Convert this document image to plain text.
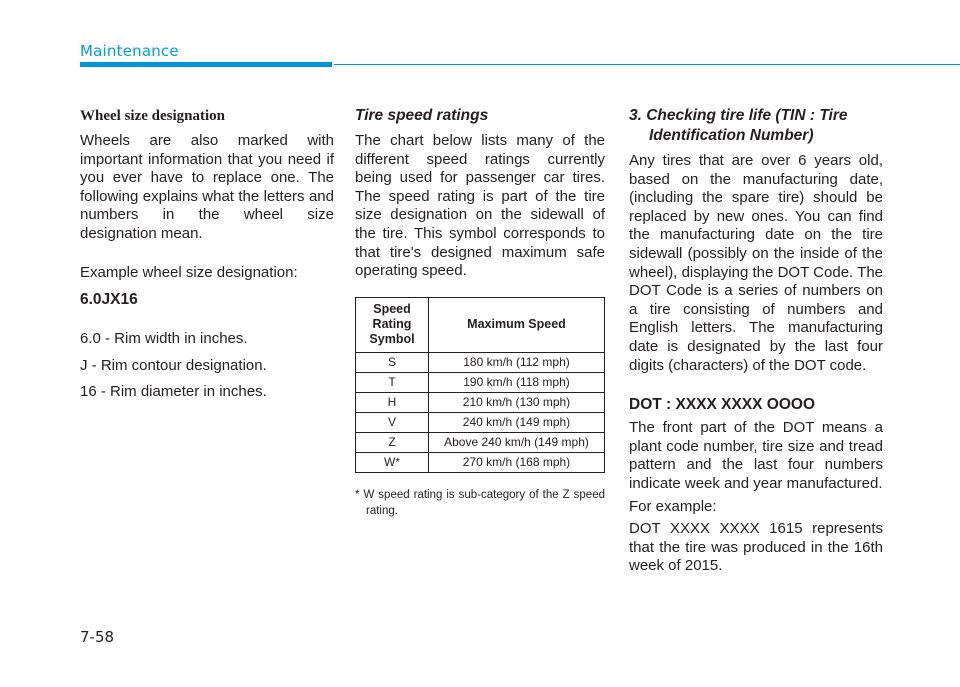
Maintenance
Wheel size designation

Wheels are also marked with important information that you need if you ever have to replace one. The following explains what the letters and numbers in the wheel size designation mean.

Example wheel size designation:

6.0JX16

6.0 - Rim width in inches.

J - Rim contour designation.

16 - Rim diameter in inches.

Tire speed ratings

The chart below lists many of the different speed ratings currently being used for passenger car tires. The speed rating is part of the tire size designation on the sidewall of the tire. This symbol corresponds to that tire's designed maximum safe operating speed.

Speed Rating Symbol	Maximum Speed
S	180 km/h (112 mph)
T	190 km/h (118 mph)
H	210 km/h (130 mph)
V	240 km/h (149 mph)
Z	Above 240 km/h (149 mph)
W*	270 km/h (168 mph)

* W speed rating is sub-category of the Z speed rating.

3. Checking tire life (TIN : Tire Identification Number)

Any tires that are over 6 years old, based on the manufacturing date, (including the spare tire) should be replaced by new ones. You can find the manufacturing date on the tire sidewall (possibly on the inside of the wheel), displaying the DOT Code. The DOT Code is a series of numbers on a tire consisting of numbers and English letters. The manufacturing date is designated by the last four digits (characters) of the DOT code.

DOT : XXXX XXXX OOOO

The front part of the DOT means a plant code number, tire size and tread pattern and the last four numbers indicate week and year manufactured.

For example:

DOT XXXX XXXX 1615 represents that the tire was produced in the 16th week of 2015.

7-58
